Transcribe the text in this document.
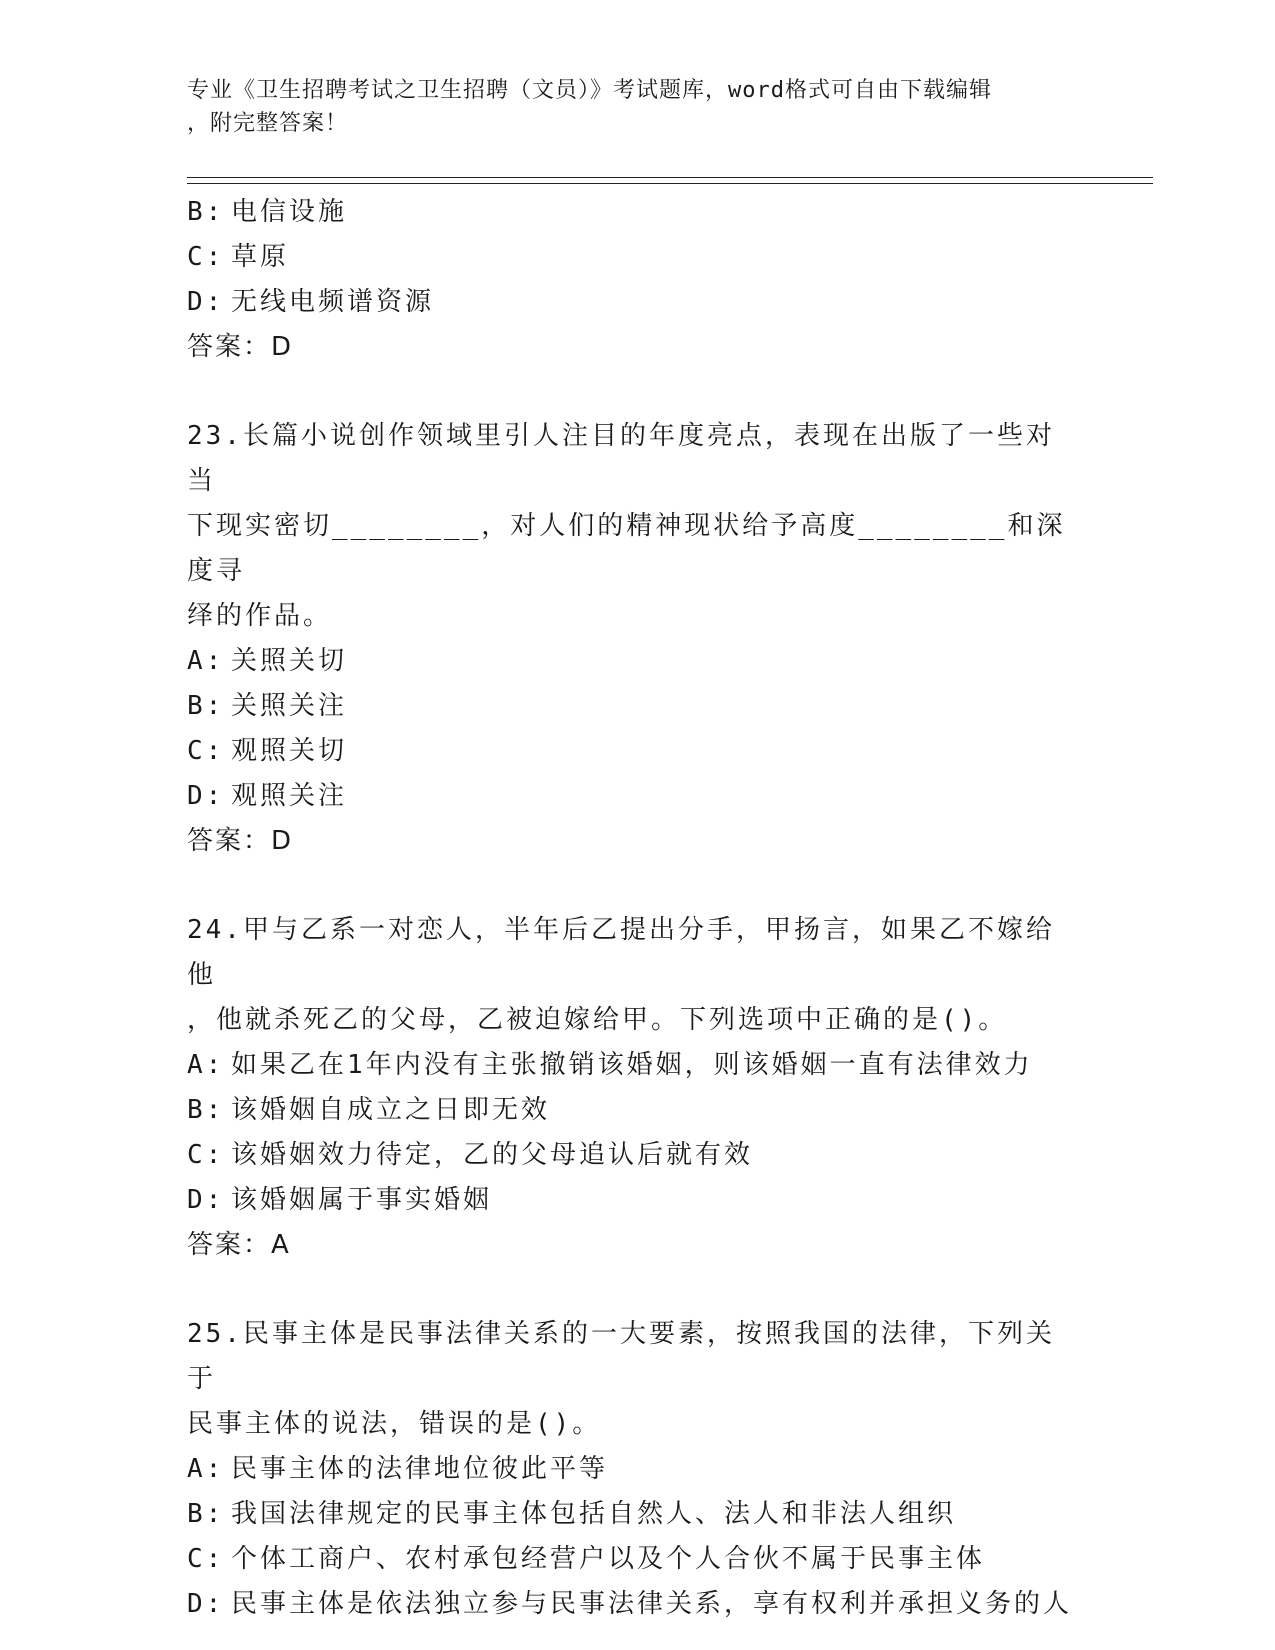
专业《卫生招聘考试之卫生招聘（文员）》考试题库，word格式可自由下载编辑
，附完整答案！
B: 电信设施
C: 草原
D: 无线电频谱资源
答案：D
23.长篇小说创作领域里引人注目的年度亮点，表现在出版了一些对当
下现实密切________，对人们的精神现状给予高度________和深度寻
绎的作品。
A: 关照关切
B: 关照关注
C: 观照关切
D: 观照关注
答案：D
24.甲与乙系一对恋人，半年后乙提出分手，甲扬言，如果乙不嫁给他
，他就杀死乙的父母，乙被迫嫁给甲。下列选项中正确的是()。
A: 如果乙在1年内没有主张撤销该婚姻，则该婚姻一直有法律效力
B: 该婚姻自成立之日即无效
C: 该婚姻效力待定，乙的父母追认后就有效
D: 该婚姻属于事实婚姻
答案：A
25.民事主体是民事法律关系的一大要素，按照我国的法律，下列关于
民事主体的说法，错误的是()。
A: 民事主体的法律地位彼此平等
B: 我国法律规定的民事主体包括自然人、法人和非法人组织
C: 个体工商户、农村承包经营户以及个人合伙不属于民事主体
D: 民事主体是依法独立参与民事法律关系，享有权利并承担义务的人
